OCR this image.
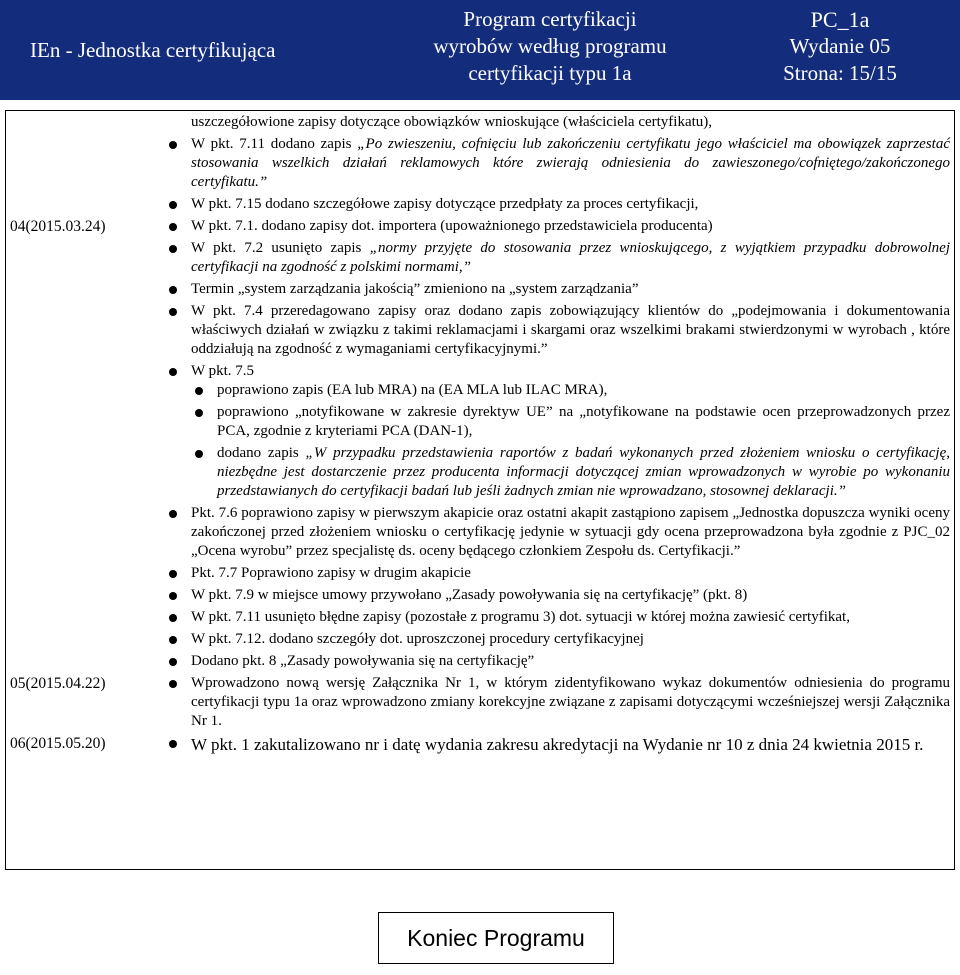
IEn - Jednostka certyfikująca
Program certyfikacji
wyrobów według programu
certyfikacji typu 1a
PC_1a
Wydanie 05
Strona: 15/15
uszczegółowione zapisy dotyczące obowiązków wnioskujące (właściciela certyfikatu),
W pkt. 7.11 dodano zapis „Po zwieszeniu, cofnięciu lub zakończeniu certyfikatu jego właściciel ma obowiązek zaprzestać stosowania wszelkich działań reklamowych które zwierają odniesienia do zawieszonego/cofniętego/zakończonego certyfikatu.”
W pkt. 7.15 dodano szczegółowe zapisy dotyczące przedpłaty za proces certyfikacji,
04(2015.03.24)	W pkt. 7.1. dodano zapisy dot. importera (upoważnionego przedstawiciela producenta)
W pkt. 7.2 usunięto zapis „normy przyjęte do stosowania przez wnioskującego, z wyjątkiem przypadku dobrowolnej certyfikacji na zgodność z polskimi normami,”
Termin „system zarządzania jakością” zmieniono na „system zarządzania”
W pkt. 7.4 przeredagowano zapisy oraz dodano zapis zobowiązujący klientów do „podejmowania i dokumentowania właściwych działań w związku z takimi reklamacjami i skargami oraz wszelkimi brakami stwierdzonymi w wyrobach , które oddziałują na zgodność z wymaganiami certyfikacyjnymi.”
W pkt. 7.5
poprawiono zapis (EA lub MRA) na (EA MLA lub ILAC MRA),
poprawiono „notyfikowane w zakresie dyrektyw UE” na „notyfikowane na podstawie ocen przeprowadzonych przez PCA, zgodnie z kryteriami PCA (DAN-1),
dodano zapis „W przypadku przedstawienia raportów z badań wykonanych przed złożeniem wniosku o certyfikację, niezbędne jest dostarczenie przez producenta informacji dotyczącej zmian wprowadzonych w wyrobie po wykonaniu przedstawianych do certyfikacji badań lub jeśli żadnych zmian nie wprowadzano, stosownej deklaracji.”
Pkt. 7.6 poprawiono zapisy w pierwszym akapicie oraz ostatni akapit zastąpiono zapisem „Jednostka dopuszcza wyniki oceny zakończonej przed złożeniem wniosku o certyfikację jedynie w sytuacji gdy ocena przeprowadzona była zgodnie z PJC_02 „Ocena wyrobu” przez specjalistę ds. oceny będącego członkiem Zespołu ds. Certyfikacji.”
Pkt. 7.7 Poprawiono zapisy w drugim akapicie
W pkt. 7.9 w miejsce umowy przywołano „Zasady powoływania się na certyfikację” (pkt. 8)
W pkt. 7.11 usunięto błędne zapisy (pozostałe z programu 3) dot. sytuacji w której można zawiesić certyfikat,
W pkt. 7.12. dodano szczegóły dot. uproszczonej procedury certyfikacyjnej
Dodano pkt. 8 „Zasady powoływania się na certyfikację”
05(2015.04.22)	Wprowadzono nową wersję Załącznika Nr 1, w którym zidentyfikowano wykaz dokumentów odniesienia do programu certyfikacji typu 1a oraz wprowadzono zmiany korekcyjne związane z zapisami dotyczącymi wcześniejszej wersji Załącznika Nr 1.
06(2015.05.20)	W pkt. 1 zakutalizowano nr i datę wydania zakresu akredytacji na Wydanie nr 10 z dnia 24 kwietnia 2015 r.
Koniec Programu
